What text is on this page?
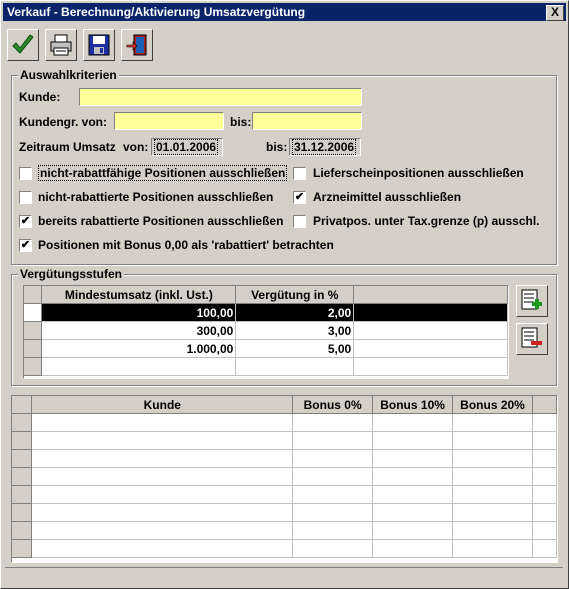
Verkauf - Berechnung/Aktivierung Umsatzvergütung	X
Auswahlkriterien
Kunde:
Kundengr. von:	bis:
Zeitraum Umsatz von: 01.01.2006	bis: 31.12.2006
nicht-rabattfähige Positionen ausschließen Lieferscheinpositionen ausschließen
nicht-rabattierte Positionen ausschließen ✔ Arzneimittel ausschließen
✔ bereits rabattierte Positionen ausschließen Privatpos. unter Tax.grenze (p) ausschl.
✔ Positionen mit Bonus 0,00 als 'rabattiert' betrachten
Vergütungsstufen
	Mindestumsatz (inkl. Ust.)	Vergütung in %	
	100,00	2,00	
	300,00	3,00	
	1.000,00	5,00	

	Kunde	Bonus 0%	Bonus 10%	Bonus 20%	
